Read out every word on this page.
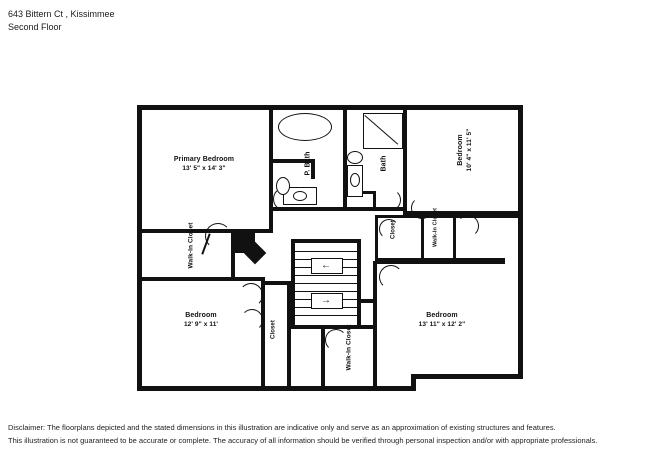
643 Bittern Ct , Kissimmee
Second Floor
←
→
Primary Bedroom
13' 5" x 14' 3"	P. Bath	Bath	Bedroom 10' 4" x 11' 5"
Walk-In Closet	Closet	Walk-In Closet
Bedroom
12' 9" x 11'	Closet	Walk-In Closet
Bedroom
13' 11" x 12' 2"
Disclaimer: The floorplans depicted and the stated dimensions in this illustration are indicative only and serve as an approximation of existing structures and features.
This illustration is not guaranteed to be accurate or complete. The accuracy of all information should be verified through personal inspection and/or with appropriate professionals.
